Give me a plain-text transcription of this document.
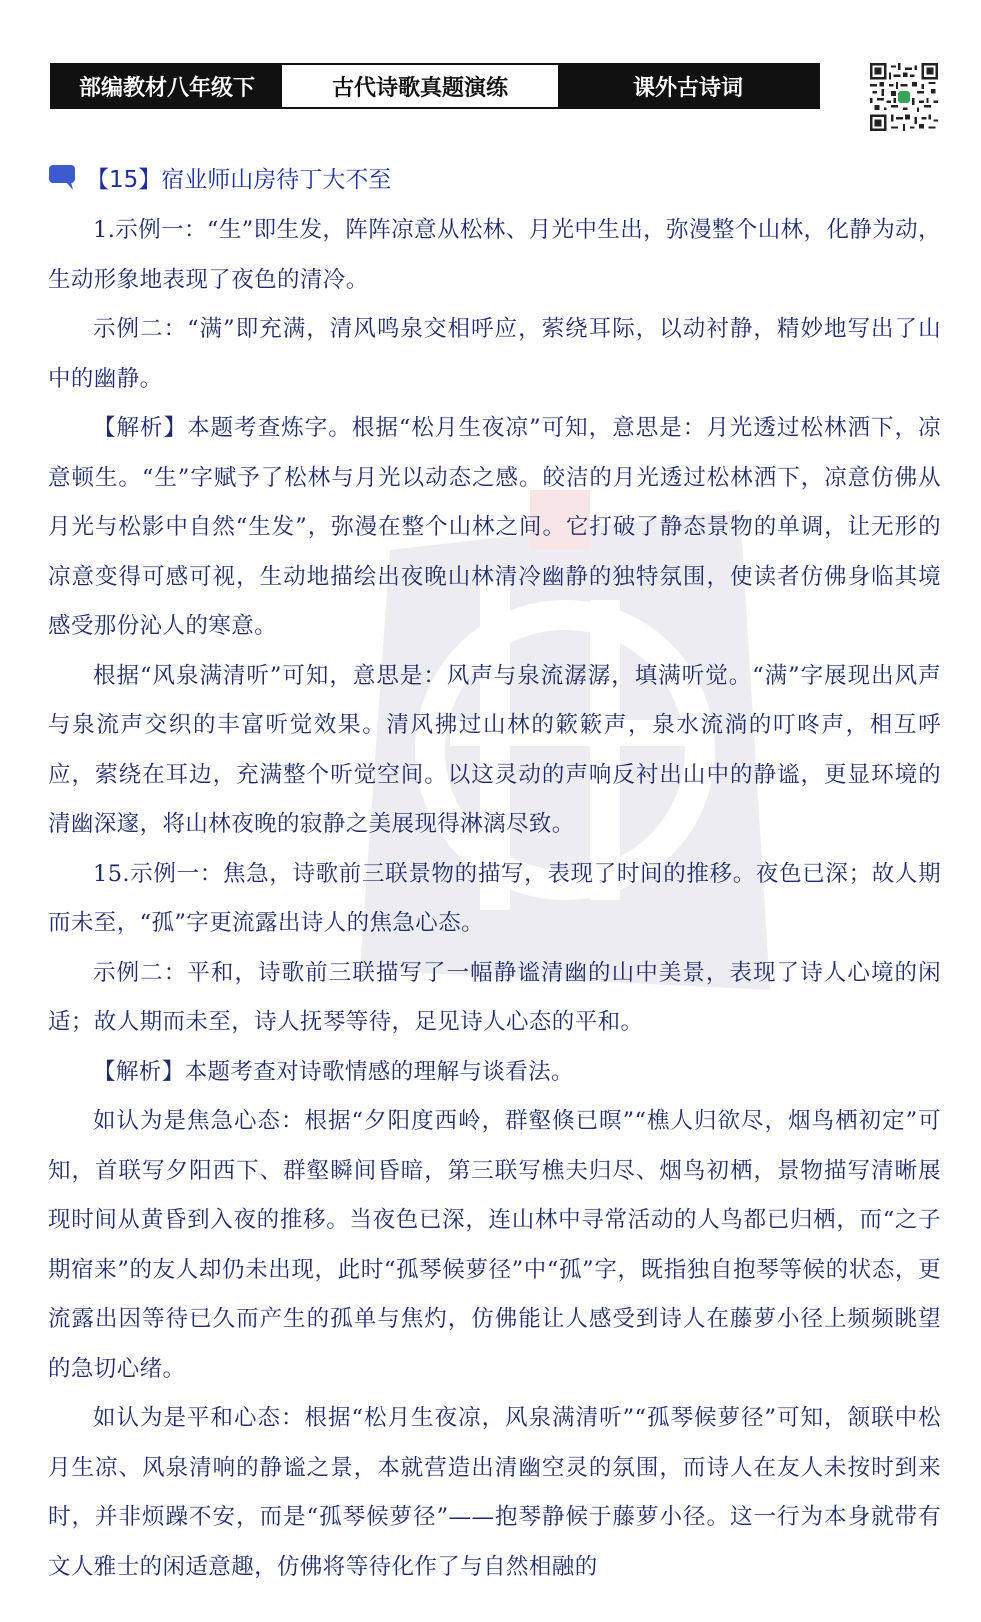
部编教材八年级下	古代诗歌真题演练	课外古诗词
【15】宿业师山房待丁大不至

1.示例一：“生”即生发，阵阵凉意从松林、月光中生出，弥漫整个山林，化静为动，生动形象地表现了夜色的清冷。

示例二：“满”即充满，清风鸣泉交相呼应，萦绕耳际，以动衬静，精妙地写出了山中的幽静。

【解析】本题考查炼字。根据“松月生夜凉”可知，意思是：月光透过松林洒下，凉意顿生。“生”字赋予了松林与月光以动态之感。皎洁的月光透过松林洒下，凉意仿佛从月光与松影中自然“生发”，弥漫在整个山林之间。它打破了静态景物的单调，让无形的凉意变得可感可视，生动地描绘出夜晚山林清冷幽静的独特氛围，使读者仿佛身临其境感受那份沁人的寒意。

根据“风泉满清听”可知，意思是：风声与泉流潺潺，填满听觉。“满”字展现出风声与泉流声交织的丰富听觉效果。清风拂过山林的簌簌声，泉水流淌的叮咚声，相互呼应，萦绕在耳边，充满整个听觉空间。以这灵动的声响反衬出山中的静谧，更显环境的清幽深邃，将山林夜晚的寂静之美展现得淋漓尽致。

15.示例一：焦急，诗歌前三联景物的描写，表现了时间的推移。夜色已深；故人期而未至，“孤”字更流露出诗人的焦急心态。

示例二：平和，诗歌前三联描写了一幅静谧清幽的山中美景，表现了诗人心境的闲适；故人期而未至，诗人抚琴等待，足见诗人心态的平和。

【解析】本题考查对诗歌情感的理解与谈看法。

如认为是焦急心态：根据“夕阳度西岭，群壑倏已暝”“樵人归欲尽，烟鸟栖初定”可知，首联写夕阳西下、群壑瞬间昏暗，第三联写樵夫归尽、烟鸟初栖，景物描写清晰展现时间从黄昏到入夜的推移。当夜色已深，连山林中寻常活动的人鸟都已归栖，而“之子期宿来”的友人却仍未出现，此时“孤琴候萝径”中“孤”字，既指独自抱琴等候的状态，更流露出因等待已久而产生的孤单与焦灼，仿佛能让人感受到诗人在藤萝小径上频频眺望的急切心绪。

如认为是平和心态：根据“松月生夜凉，风泉满清听”“孤琴候萝径”可知，颔联中松月生凉、风泉清响的静谧之景，本就营造出清幽空灵的氛围，而诗人在友人未按时到来时，并非烦躁不安，而是“孤琴候萝径”——抱琴静候于藤萝小径。这一行为本身就带有文人雅士的闲适意趣，仿佛将等待化作了与自然相融的
